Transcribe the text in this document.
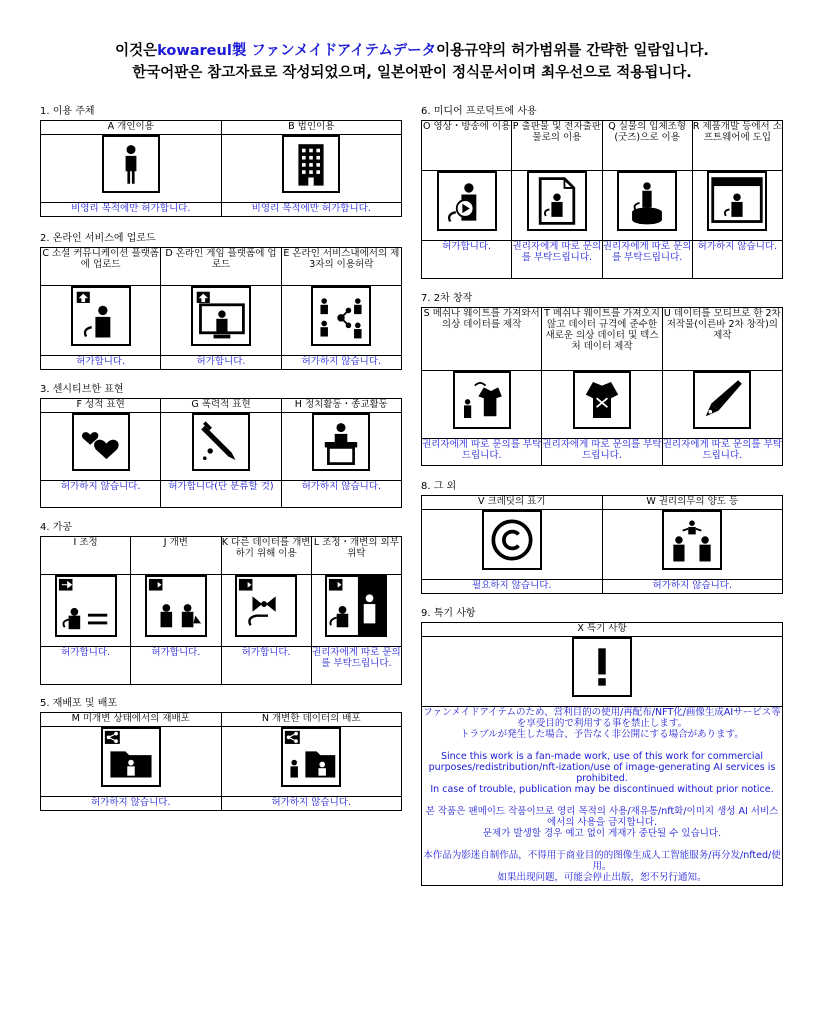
이것은kowareul製 ファンメイドアイテムデータ이용규약의 허가범위를 간략한 일람입니다.
한국어판은 참고자료로 작성되었으며, 일본어판이 정식문서이며 최우선으로 적용됩니다.
1. 이용 주체
A 개인이용	B 법인이용

비영리 목적에만 허가합니다.	비영리 목적에만 허가합니다.
2. 온라인 서비스에 업로드
C 소셜 커뮤니케이션 플랫폼에 업로드	D 온라인 게임 플랫폼에 업로드	E 온라인 서비스내에서의 제3자의 이용허락

허가합니다.	허가합니다.	허가하지 않습니다.
3. 센시티브한 표현
F 성적 표현	G 폭력적 표현	H 정치활동・종교활동

허가하지 않습니다.	허가합니다(단 분류할 것)	허가하지 않습니다.
4. 가공
I 조정	J 개변	K 다른 데이터를 개변하기 위해 이용	L 조정・개변의 외부위탁

허가합니다.	허가합니다.	허가합니다.	권리자에게 따로 문의를 부탁드립니다.
5. 재배포 및 배포
M 미개변 상태에서의 재배포	N 개변한 데이터의 배포

허가하지 않습니다.	허가하지 않습니다.
6. 미디어 프로덕트에 사용
O 영상・방송에 이용	P 출판물 및 전자출판물로의 이용	Q 실물의 입체조형(굿즈)으로 이용	R 제품개발 등에서 소프트웨어에 도입

허가합니다.	권리자에게 따로 문의를 부탁드립니다.	권리자에게 따로 문의를 부탁드립니다.	허가하지 않습니다.
7. 2차 창작
S 메쉬나 웨이트를 가져와서 의상 데이터를 제작	T 메쉬나 웨이트를 가져오지 않고 데이터 규격에 준수한 새로운 의상 데이터 및 텍스처 데이터 제작	U 데이터를 모티브로 한 2차 저작물(이른바 2차 창작)의 제작

권리자에게 따로 문의를 부탁드립니다.	권리자에게 따로 문의를 부탁드립니다.	권리자에게 따로 문의를 부탁드립니다.
8. 그 외
V 크레딧의 표기	W 권리의무의 양도 등

필요하지 않습니다.	허가하지 않습니다.
9. 특기 사항
X 특기 사항

ファンメイドアイテムのため、営利目的の使用/再配布/NFT化/画像生成AIサービス等を享受目的で利用する事を禁止します。
トラブルが発生した場合、予告なく非公開にする場合があります。

Since this work is a fan-made work, use of this work for commercial purposes/redistribution/nft-ization/use of image-generating AI services is prohibited.
In case of trouble, publication may be discontinued without prior notice.

본 작품은 팬메이드 작품이므로 영리 목적의 사용/재유통/nft화/이미지 생성 AI 서비스에서의 사용을 금지합니다.
문제가 발생할 경우 예고 없이 게재가 중단될 수 있습니다.

本作品为影迷自制作品，不得用于商业目的的图像生成人工智能服务/再分发/nfted/使用。
如果出现问题，可能会停止出版，恕不另行通知。
